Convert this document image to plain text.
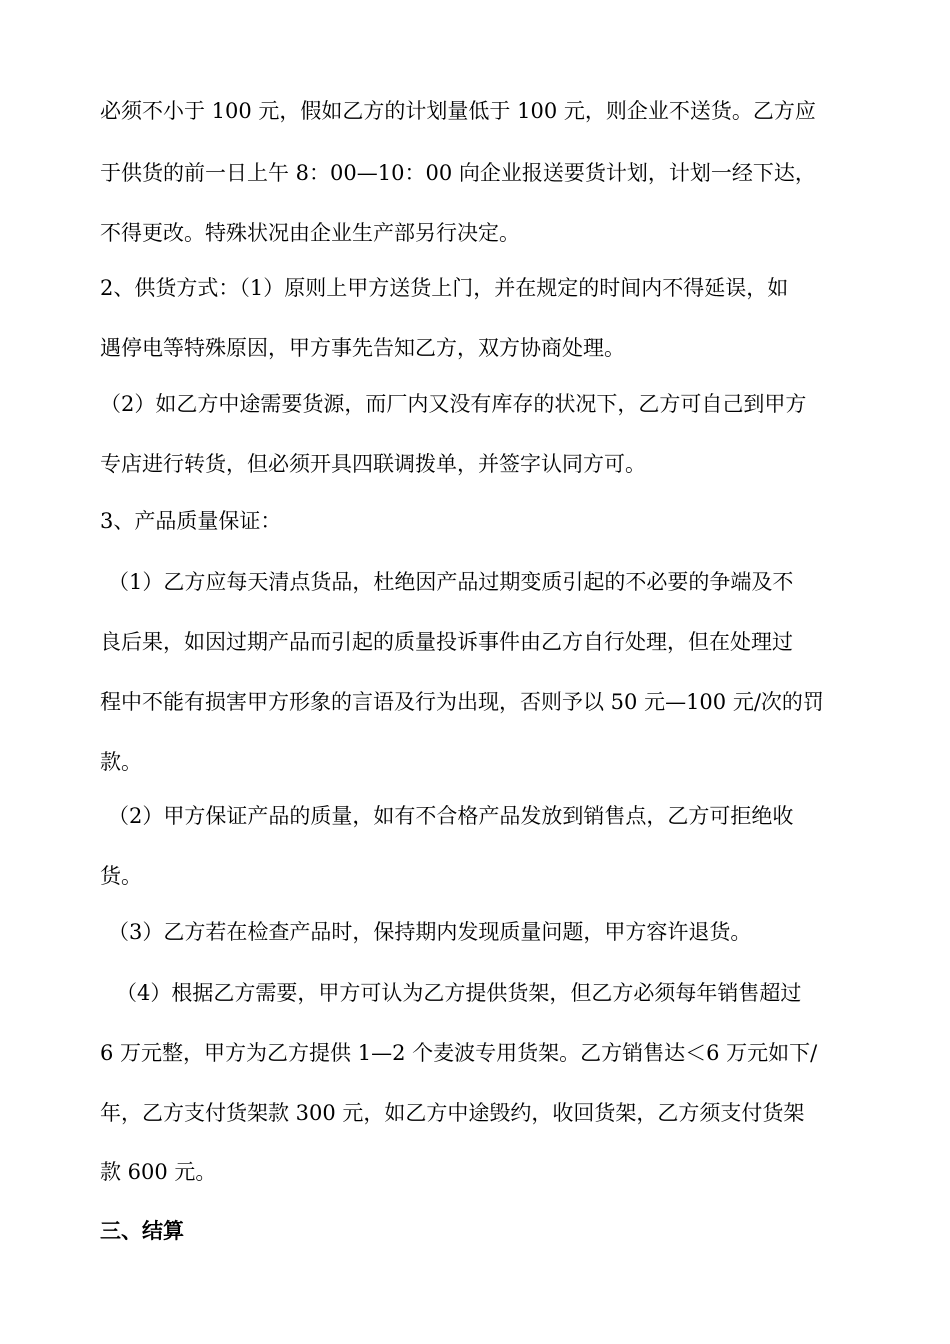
必须不小于 100 元，假如乙方的计划量低于 100 元，则企业不送货。乙方应
于供货的前一日上午 8：00—10：00 向企业报送要货计划，计划一经下达，
不得更改。特殊状况由企业生产部另行决定。
2、供货方式：（1）原则上甲方送货上门，并在规定的时间内不得延误，如
遇停电等特殊原因，甲方事先告知乙方，双方协商处理。
（2）如乙方中途需要货源，而厂内又没有库存的状况下，乙方可自己到甲方
专店进行转货，但必须开具四联调拨单，并签字认同方可。
3、产品质量保证：
（1）乙方应每天清点货品，杜绝因产品过期变质引起的不必要的争端及不
良后果，如因过期产品而引起的质量投诉事件由乙方自行处理，但在处理过
程中不能有损害甲方形象的言语及行为出现，否则予以 50 元—100 元/次的罚
款。
（2）甲方保证产品的质量，如有不合格产品发放到销售点，乙方可拒绝收
货。
（3）乙方若在检查产品时，保持期内发现质量问题，甲方容许退货。
（4）根据乙方需要，甲方可认为乙方提供货架，但乙方必须每年销售超过
6 万元整，甲方为乙方提供 1—2 个麦波专用货架。乙方销售达＜6 万元如下/
年，乙方支付货架款 300 元，如乙方中途毁约，收回货架，乙方须支付货架
款 600 元。
三、结算
